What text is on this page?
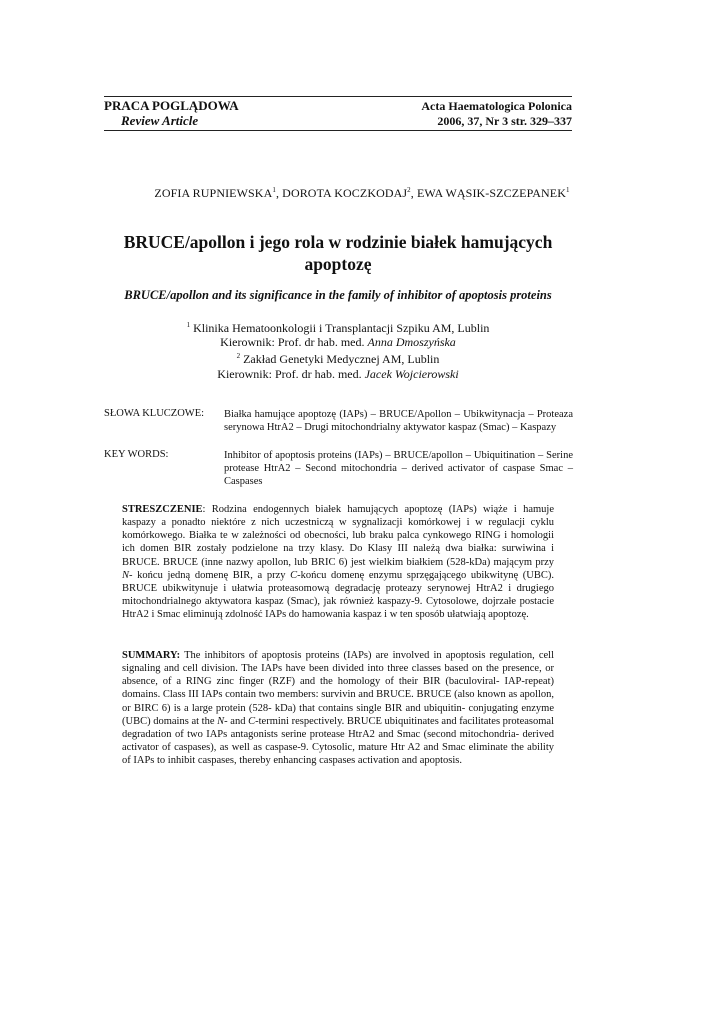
PRACA POGLĄDOWA
Review Article
Acta Haematologica Polonica
2006, 37, Nr 3 str. 329–337
ZOFIA RUPNIEWSKA$^1$, DOROTA KOCZKODAJ$^2$, EWA WĄSIK-SZCZEPANEK$^1$
BRUCE/apollon i jego rola w rodzinie białek hamujących
apoptozę
BRUCE/apollon and its significance in the family of inhibitor of apoptosis proteins
$^1$ Klinika Hematoonkologii i Transplantacji Szpiku AM, Lublin
Kierownik: Prof. dr hab. med. Anna Dmoszyńska
$^2$ Zakład Genetyki Medycznej AM, Lublin
Kierownik: Prof. dr hab. med. Jacek Wojcierowski
SŁOWA KLUCZOWE: Białka hamujące apoptozę (IAPs) – BRUCE/Apollon – Ubikwitynacja – Proteaza serynowa HtrA2 – Drugi mitochondrialny aktywator kaspaz (Smac) – Kaspazy
KEY WORDS:	Inhibitor of apoptosis proteins (IAPs) – BRUCE/apollon – Ubiquitination – Serine protease HtrA2 – Second mitochondria – derived activator of caspase Smac – Caspases

STRESZCZENIE: Rodzina endogennych białek hamujących apoptozę (IAPs) wiąże i hamuje kaspazy a ponadto niektóre z nich uczestniczą w sygnalizacji komórkowej i w regulacji cyklu komórkowego. Białka te w zależności od obecności, lub braku palca cynkowego RING i homologii ich domen BIR zostały podzielone na trzy klasy. Do Klasy III należą dwa białka: surwiwina i BRUCE. BRUCE (inne nazwy apollon, lub BRIC 6) jest wielkim białkiem (528-kDa) mającym przy N- końcu jedną domenę BIR, a przy C-końcu domenę enzymu sprzęgającego ubikwitynę (UBC). BRUCE ubikwitynuje i ułatwia proteasomową degradację proteazy serynowej HtrA2 i drugiego mitochondrialnego aktywatora kaspaz (Smac), jak również kaspazy-9. Cytosolowe, dojrzałe postacie HtrA2 i Smac eliminują zdolność IAPs do hamowania kaspaz i w ten sposób ułatwiają apoptozę.

SUMMARY: The inhibitors of apoptosis proteins (IAPs) are involved in apoptosis regulation, cell signaling and cell division. The IAPs have been divided into three classes based on the presence, or absence, of a RING zinc finger (RZF) and the homology of their BIR (baculoviral- IAP-repeat) domains. Class III IAPs contain two members: survivin and BRUCE. BRUCE (also known as apollon, or BIRC 6) is a large protein (528- kDa) that contains single BIR and ubiquitin- conjugating enzyme (UBC) domains at the N- and C-termini respectively. BRUCE ubiquitinates and facilitates proteasomal degradation of two IAPs antagonists serine protease HtrA2 and Smac (second mitochondria- derived activator of caspases), as well as caspase-9. Cytosolic, mature Htr A2 and Smac eliminate the ability of IAPs to inhibit caspases, thereby enhancing caspases activation and apoptosis.
